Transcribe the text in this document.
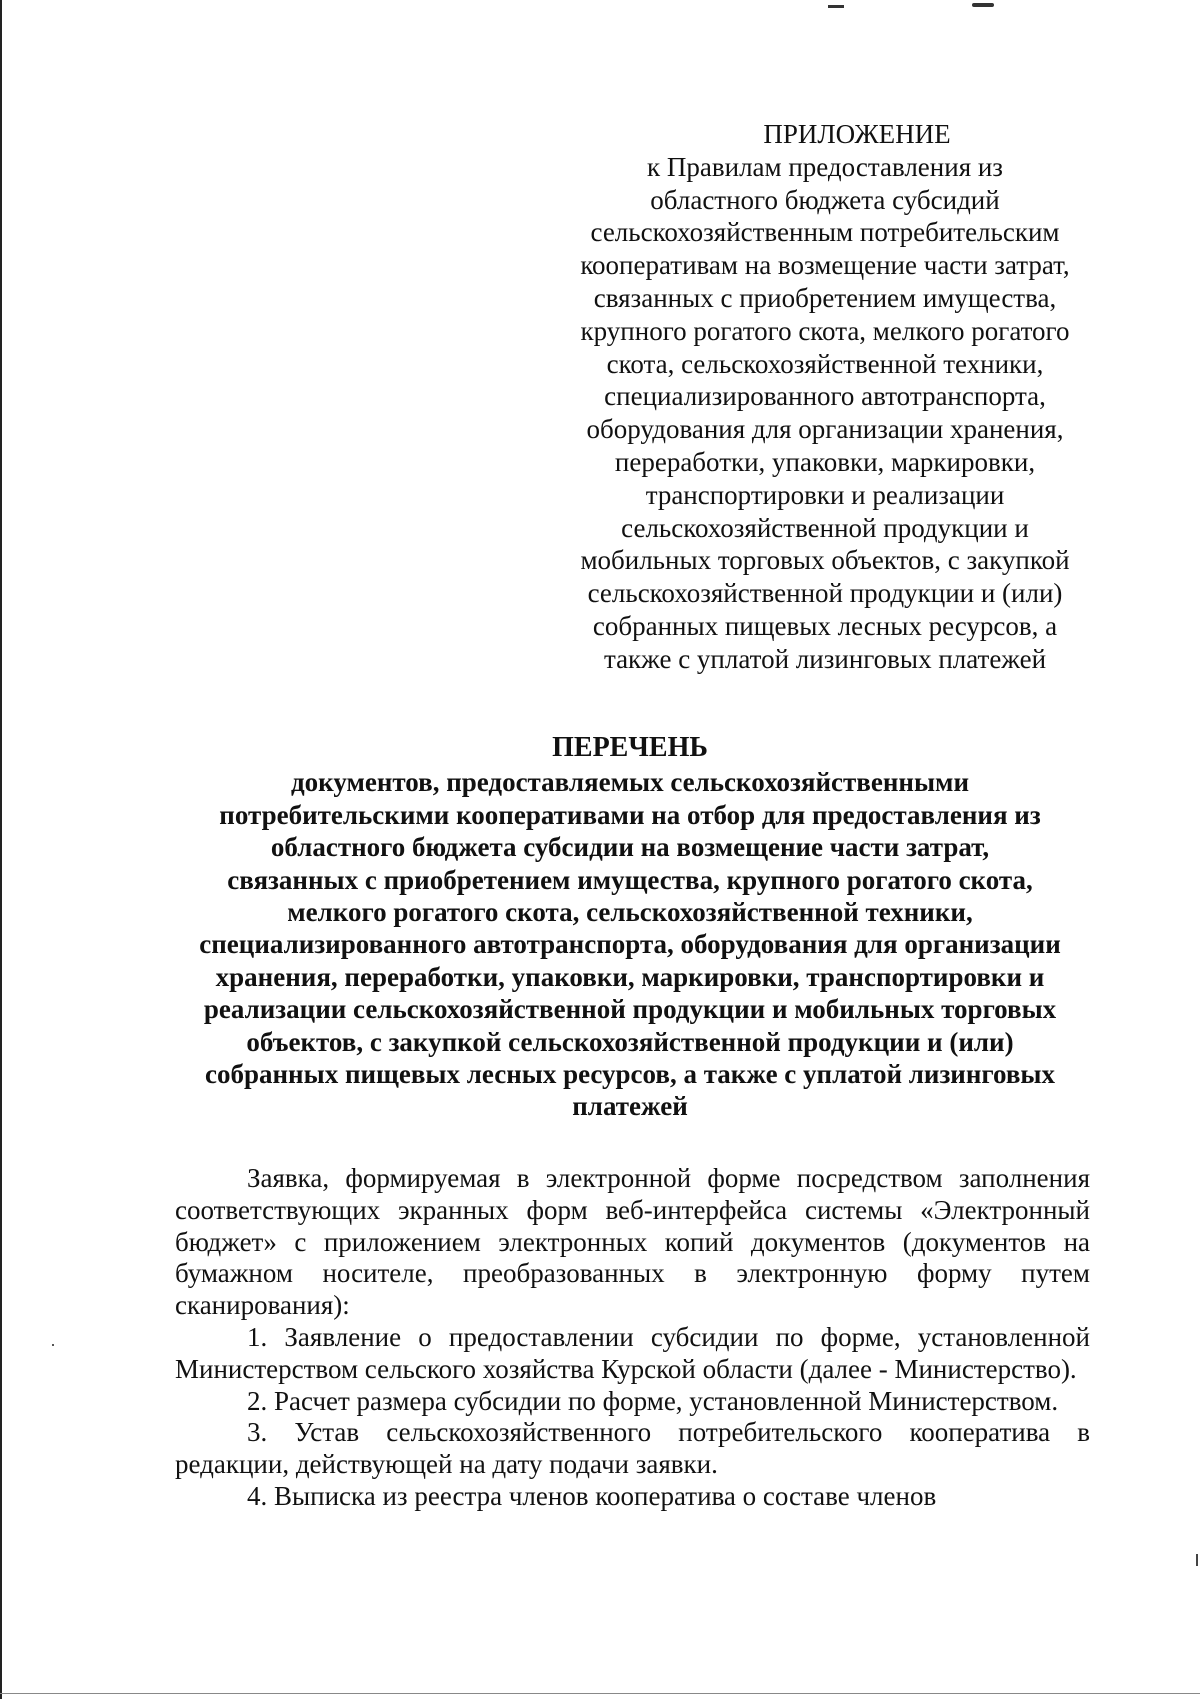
ПРИЛОЖЕНИЕ
к Правилам предоставления из
областного бюджета субсидий
сельскохозяйственным потребительским
кооперативам на возмещение части затрат,
связанных с приобретением имущества,
крупного рогатого скота, мелкого рогатого
скота, сельскохозяйственной техники,
специализированного автотранспорта,
оборудования для организации хранения,
переработки, упаковки, маркировки,
транспортировки и реализации
сельскохозяйственной продукции и
мобильных торговых объектов, с закупкой
сельскохозяйственной продукции и (или)
собранных пищевых лесных ресурсов, а
также с уплатой лизинговых платежей
ПЕРЕЧЕНЬ
документов, предоставляемых сельскохозяйственными
потребительскими кооперативами на отбор для предоставления из
областного бюджета субсидии на возмещение части затрат,
связанных с приобретением имущества, крупного рогатого скота,
мелкого рогатого скота, сельскохозяйственной техники,
специализированного автотранспорта, оборудования для организации
хранения, переработки, упаковки, маркировки, транспортировки и
реализации сельскохозяйственной продукции и мобильных торговых
объектов, с закупкой сельскохозяйственной продукции и (или)
собранных пищевых лесных ресурсов, а также с уплатой лизинговых
платежей

Заявка, формируемая в электронной форме посредством заполнения соответствующих экранных форм веб-интерфейса системы «Электронный бюджет» с приложением электронных копий документов (документов на бумажном носителе, преобразованных в электронную форму путем сканирования):

1. Заявление о предоставлении субсидии по форме, установленной Министерством сельского хозяйства Курской области (далее - Министерство).

2. Расчет размера субсидии по форме, установленной Министерством.

3. Устав сельскохозяйственного потребительского кооператива в редакции, действующей на дату подачи заявки.

4. Выписка из реестра членов кооператива о составе членов
